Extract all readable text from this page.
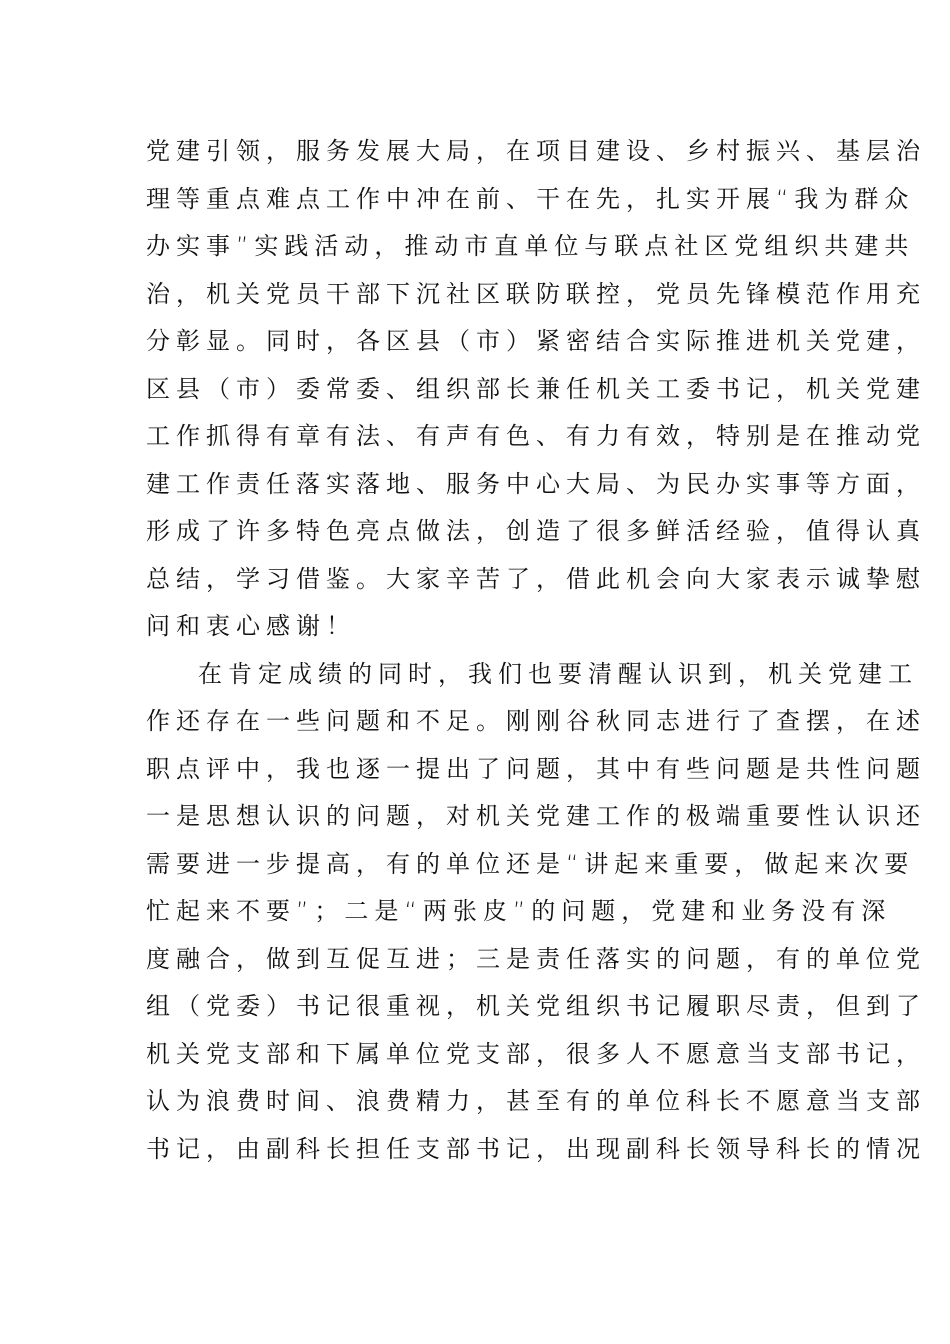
党建引领，服务发展大局，在项目建设、乡村振兴、基层治
理等重点难点工作中冲在前、干在先，扎实开展“我为群众
办实事”实践活动，推动市直单位与联点社区党组织共建共
治，机关党员干部下沉社区联防联控，党员先锋模范作用充
分彰显。同时，各区县（市）紧密结合实际推进机关党建，
区县（市）委常委、组织部长兼任机关工委书记，机关党建
工作抓得有章有法、有声有色、有力有效，特别是在推动党
建工作责任落实落地、服务中心大局、为民办实事等方面，
形成了许多特色亮点做法，创造了很多鲜活经验，值得认真
总结，学习借鉴。大家辛苦了，借此机会向大家表示诚挚慰
问和衷心感谢！
在肯定成绩的同时，我们也要清醒认识到，机关党建工
作还存在一些问题和不足。刚刚谷秋同志进行了查摆，在述
职点评中，我也逐一提出了问题，其中有些问题是共性问题
一是思想认识的问题，对机关党建工作的极端重要性认识还
需要进一步提高，有的单位还是“讲起来重要，做起来次要
忙起来不要”；二是“两张皮”的问题，党建和业务没有深
度融合，做到互促互进；三是责任落实的问题，有的单位党
组（党委）书记很重视，机关党组织书记履职尽责，但到了
机关党支部和下属单位党支部，很多人不愿意当支部书记，
认为浪费时间、浪费精力，甚至有的单位科长不愿意当支部
书记，由副科长担任支部书记，出现副科长领导科长的情况
